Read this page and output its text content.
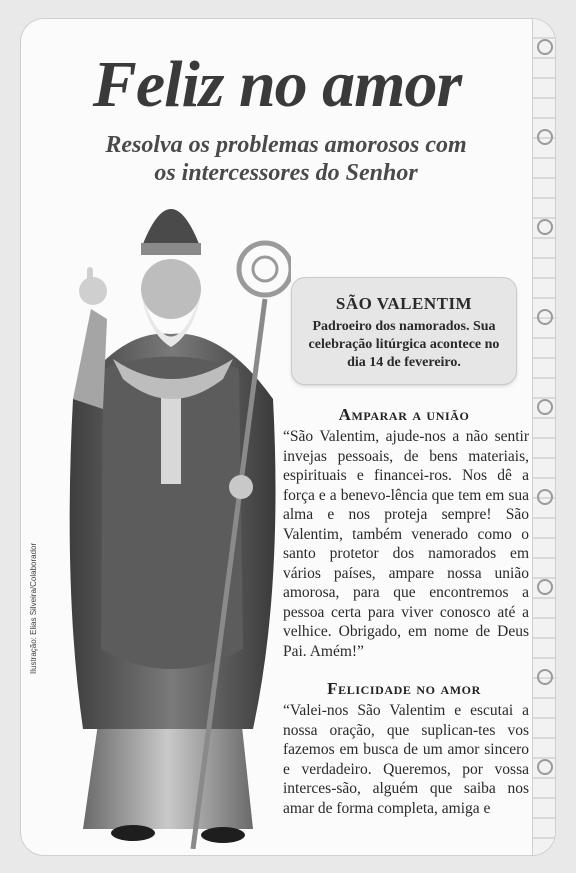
Feliz no amor
Resolva os problemas amorosos com
os intercessores do Senhor
SÃO VALENTIM
Padroeiro dos namorados. Sua celebração litúrgica acontece no dia 14 de fevereiro.
Amparar a união
“São Valentim, ajude-nos a não sentir invejas pessoais, de bens materiais, espirituais e financei-ros. Nos dê a força e a benevo-lência que tem em sua alma e nos proteja sempre! São Valentim, também venerado como o santo protetor dos namorados em vários países, ampare nossa união amorosa, para que encontremos a pessoa certa para viver conosco até a velhice. Obrigado, em nome de Deus Pai. Amém!”
Felicidade no amor
“Valei-nos São Valentim e escutai a nossa oração, que suplican-tes vos fazemos em busca de um amor sincero e verdadeiro. Queremos, por vossa interces-são, alguém que saiba nos amar de forma completa, amiga e
Ilustração: Elias Silveira/Colaborador
